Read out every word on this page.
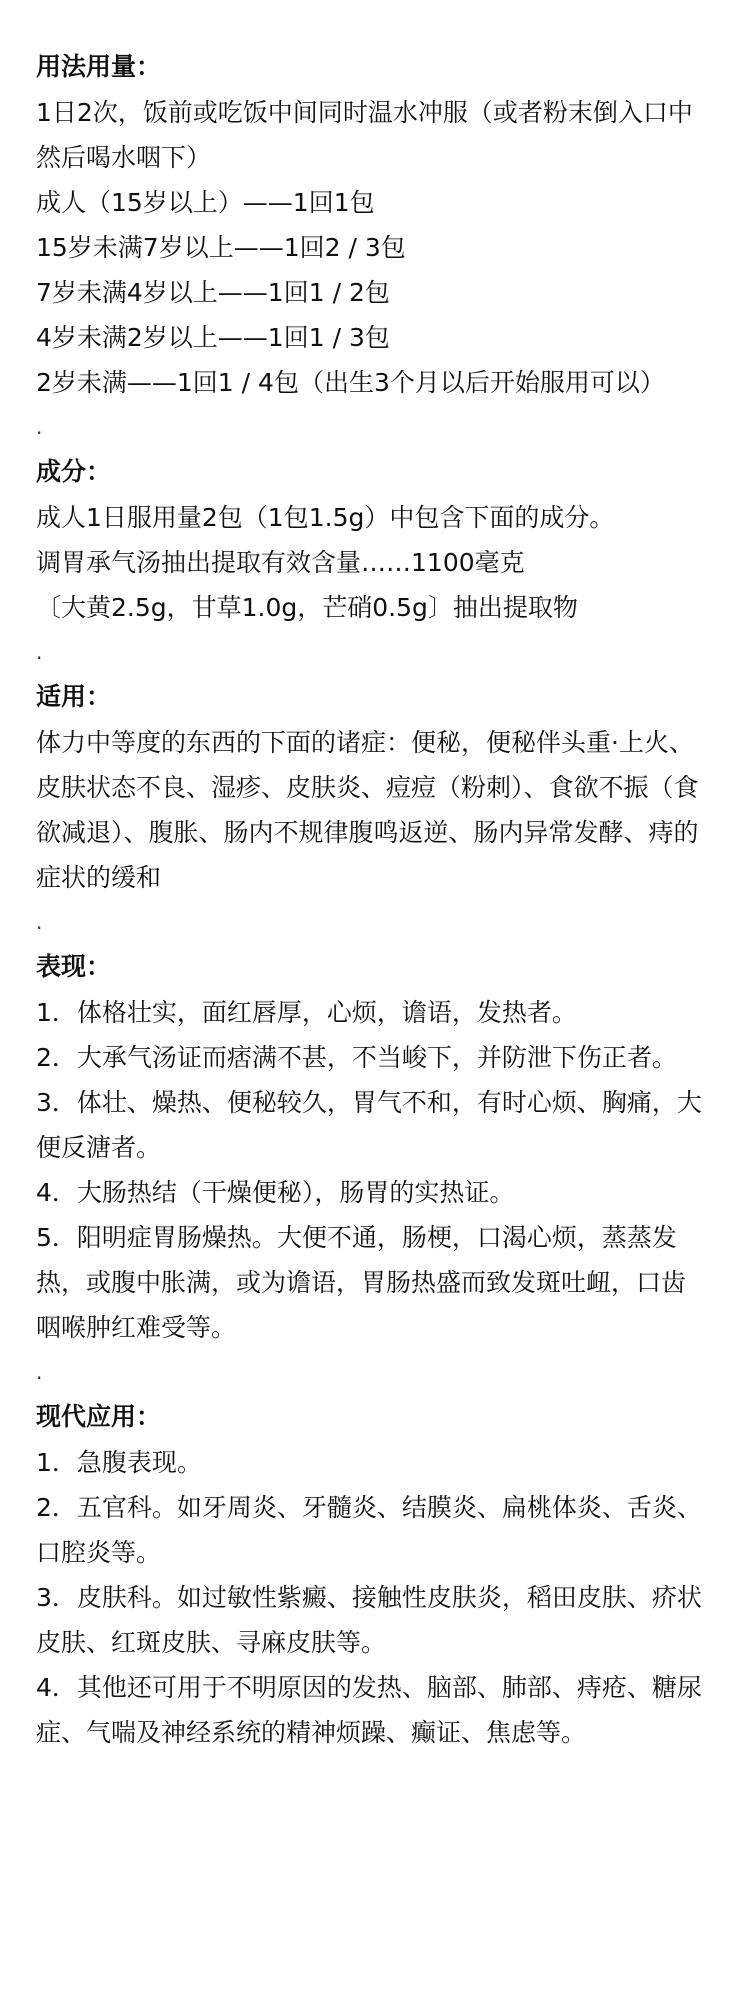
用法用量：

1日2次，饭前或吃饭中间同时温水冲服（或者粉末倒入口中然后喝水咽下）

成人（15岁以上）——1回1包

15岁未满7岁以上——1回2 / 3包

7岁未满4岁以上——1回1 / 2包

4岁未满2岁以上——1回1 / 3包

2岁未满——1回1 / 4包（出生3个月以后开始服用可以）

.

成分：

成人1日服用量2包（1包1.5g）中包含下面的成分。

调胃承气汤抽出提取有效含量……1100毫克

〔大黄2.5g，甘草1.0g，芒硝0.5g〕抽出提取物

.

适用：

体力中等度的东西的下面的诸症：便秘，便秘伴头重·上火、皮肤状态不良、湿疹、皮肤炎、痘痘（粉刺）、食欲不振（食欲减退）、腹胀、肠内不规律腹鸣返逆、肠内异常发酵、痔的症状的缓和

.

表现：

1．体格壮实，面红唇厚，心烦，谵语，发热者。

2．大承气汤证而痞满不甚，不当峻下，并防泄下伤正者。

3．体壮、燥热、便秘较久，胃气不和，有时心烦、胸痛，大便反溏者。

4．大肠热结（干燥便秘），肠胃的实热证。

5．阳明症胃肠燥热。大便不通，肠梗，口渴心烦，蒸蒸发热，或腹中胀满，或为谵语，胃肠热盛而致发斑吐衄，口齿咽喉肿红难受等。

.

现代应用：

1．急腹表现。

2．五官科。如牙周炎、牙髓炎、结膜炎、扁桃体炎、舌炎、口腔炎等。

3．皮肤科。如过敏性紫癜、接触性皮肤炎，稻田皮肤、疥状皮肤、红斑皮肤、寻麻皮肤等。

4．其他还可用于不明原因的发热、脑部、肺部、痔疮、糖尿症、气喘及神经系统的精神烦躁、癫证、焦虑等。
